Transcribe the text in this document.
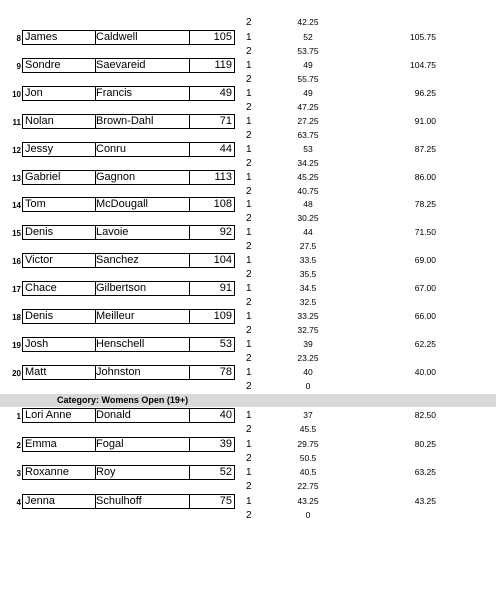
2	42.25
8 James	Caldwell	105	1	52	105.75
2	53.75
9 Sondre	Saevareid	119	1	49	104.75
2	55.75
10 Jon	Francis	49	1	49	96.25
2	47.25
11 Nolan	Brown-Dahl	71	1	27.25	91.00
2	63.75
12 Jessy	Conru	44	1	53	87.25
2	34.25
13 Gabriel	Gagnon	113	1	45.25	86.00
2	40.75
14 Tom	McDougall	108	1	48	78.25
2	30.25
15 Denis	Lavoie	92	1	44	71.50
2	27.5
16 Victor	Sanchez	104	1	33.5	69.00
2	35.5
17 Chace	Gilbertson	91	1	34.5	67.00
2	32.5
18 Denis	Meilleur	109	1	33.25	66.00
2	32.75
19 Josh	Henschell	53	1	39	62.25
2	23.25
20 Matt	Johnston	78	1	40	40.00
2	0
Category: Womens Open (19+)
1 Lori Anne	Donald	40	1	37	82.50
2	45.5
2 Emma	Fogal	39	1	29.75	80.25
2	50.5
3 Roxanne	Roy	52	1	40.5	63.25
2	22.75
4 Jenna	Schulhoff	75	1	43.25	43.25
2	0
